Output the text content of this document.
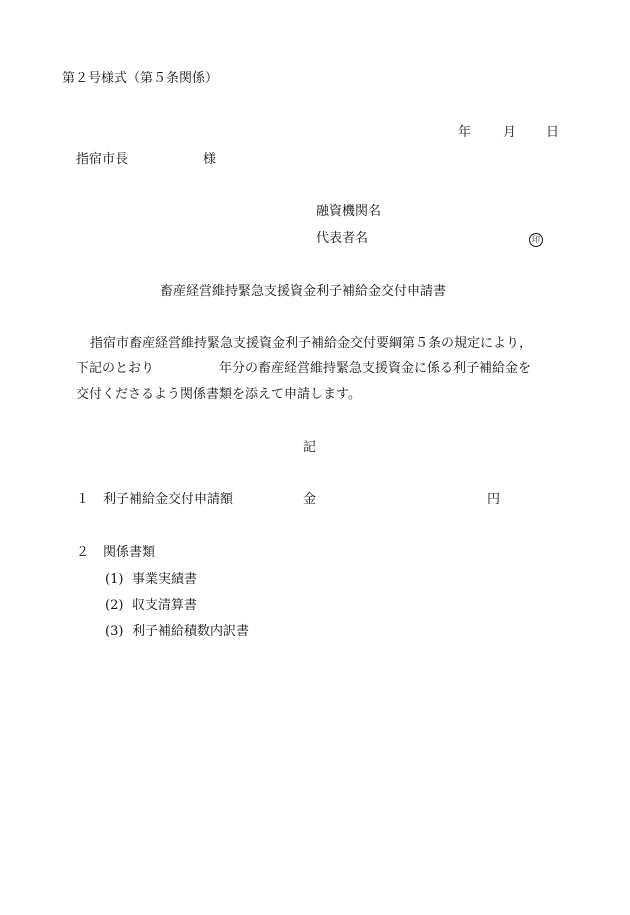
第２号様式（第５条関係）
年 月 日
指宿市長	様
融資機関名
代表者名	印
畜産経営維持緊急支援資金利子補給金交付申請書
指宿市畜産経営維持緊急支援資金利子補給金交付要綱第５条の規定により，
下記のとおり	年分の畜産経営維持緊急支援資金に係る利子補給金を
交付くださるよう関係書類を添えて申請します。
記
１ 利子補給金交付申請額	金	円
２ 関係書類
(1) 事業実績書
(2) 収支清算書
(3) 利子補給積数内訳書
